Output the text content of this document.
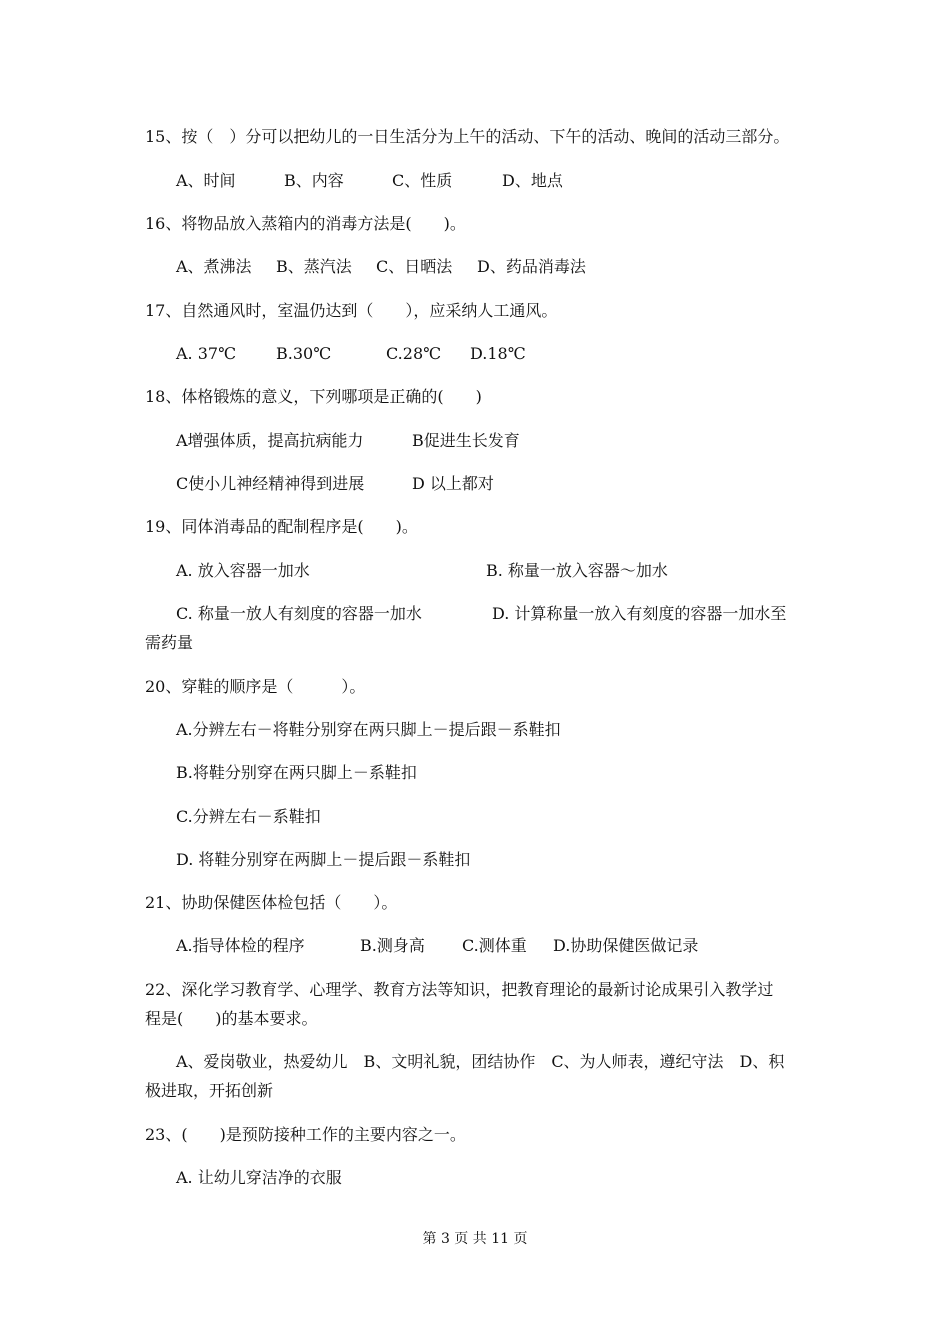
15、按（　）分可以把幼儿的一日生活分为上午的活动、下午的活动、晚间的活动三部分。
A、时间	B、内容	C、性质	D、地点
16、将物品放入蒸箱内的消毒方法是(　　)。
A、煮沸法 B、蒸汽法 C、日晒法 D、药品消毒法
17、自然通风时，室温仍达到（　　），应采纳人工通风。
A. 37℃	B.30℃	C.28℃ D.18℃
18、体格锻炼的意义，下列哪项是正确的(　　)
A增强体质，提高抗病能力	B促进生长发育
C使小儿神经精神得到进展	D 以上都对
19、同体消毒品的配制程序是(　　)。
A. 放入容器一加水	B. 称量一放入容器～加水
C. 称量一放人有刻度的容器一加水	D. 计算称量一放入有刻度的容器一加水至
需药量
20、穿鞋的顺序是（　　　）。
A.分辨左右－将鞋分别穿在两只脚上－提后跟－系鞋扣
B.将鞋分别穿在两只脚上－系鞋扣
C.分辨左右－系鞋扣
D. 将鞋分别穿在两脚上－提后跟－系鞋扣
21、协助保健医体检包括（　　）。
A.指导体检的程序	B.测身高 C.测体重 D.协助保健医做记录
22、深化学习教育学、心理学、教育方法等知识，把教育理论的最新讨论成果引入教学过
程是(　　)的基本要求。
A、爱岗敬业，热爱幼儿　B、文明礼貌，团结协作　C、为人师表，遵纪守法　D、积
极进取，开拓创新
23、(　　)是预防接种工作的主要内容之一。
A. 让幼儿穿洁净的衣服
第 3 页 共 11 页
